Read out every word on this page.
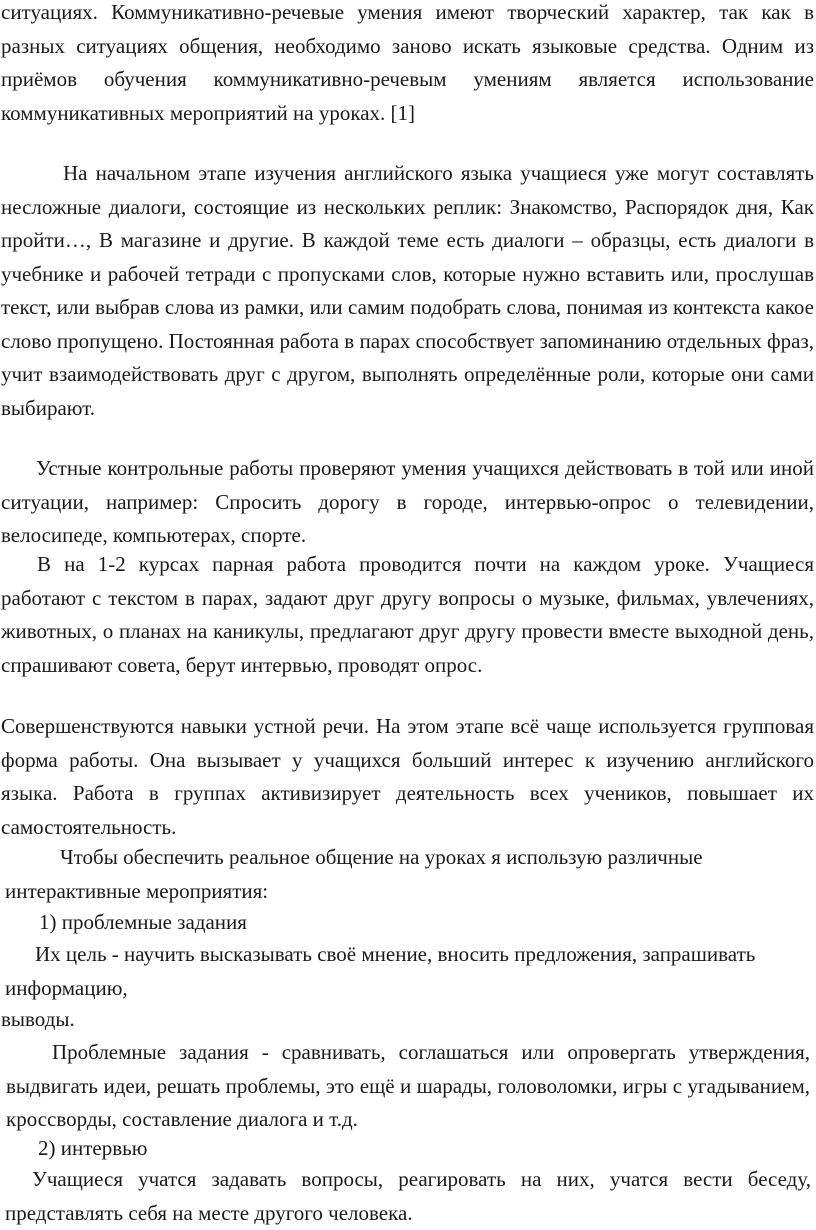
ситуациях. Коммуникативно-речевые умения имеют творческий характер, так как в разных ситуациях общения, необходимо заново искать языковые средства. Одним из приёмов обучения коммуникативно-речевым умениям является использование коммуникативных мероприятий на уроках. [1]

На начальном этапе изучения английского языка учащиеся уже могут составлять несложные диалоги, состоящие из нескольких реплик: Знакомство, Распорядок дня, Как пройти…, В магазине и другие. В каждой теме есть диалоги – образцы, есть диалоги в учебнике и рабочей тетради с пропусками слов, которые нужно вставить или, прослушав текст, или выбрав слова из рамки, или самим подобрать слова, понимая из контекста какое слово пропущено. Постоянная работа в парах способствует запоминанию отдельных фраз, учит взаимодействовать друг с другом, выполнять определённые роли, которые они сами выбирают.

Устные контрольные работы проверяют умения учащихся действовать в той или иной ситуации, например: Спросить дорогу в городе, интервью-опрос о телевидении, велосипеде, компьютерах, спорте.

В на 1-2 курсах парная работа проводится почти на каждом уроке. Учащиеся работают с текстом в парах, задают друг другу вопросы о музыке, фильмах, увлечениях, животных, о планах на каникулы, предлагают друг другу провести вместе выходной день, спрашивают совета, берут интервью, проводят опрос.

Совершенствуются навыки устной речи. На этом этапе всё чаще используется групповая форма работы. Она вызывает у учащихся больший интерес к изучению английского языка. Работа в группах активизирует деятельность всех учеников, повышает их самостоятельность.

Чтобы обеспечить реальное общение на уроках я использую различные интерактивные мероприятия:

1) проблемные задания

Их цель - научить высказывать своё мнение, вносить предложения, запрашивать информацию,

выводы.

Проблемные задания - сравнивать, соглашаться или опровергать утверждения, выдвигать идеи, решать проблемы, это ещё и шарады, головоломки, игры с угадыванием, кроссворды, составление диалога и т.д.

2) интервью

Учащиеся учатся задавать вопросы, реагировать на них, учатся вести беседу, представлять себя на месте другого человека.
